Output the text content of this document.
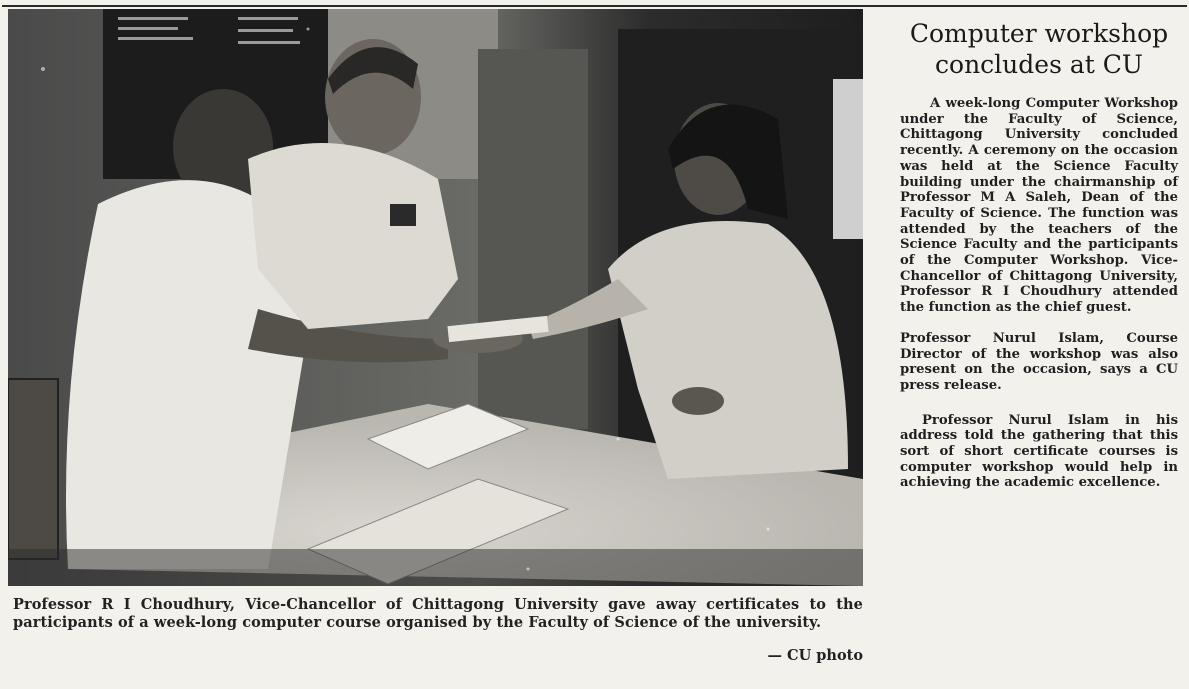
Professor R I Choudhury, Vice-Chancellor of Chittagong University gave away certificates to the participants of a week-long computer course organised by the Faculty of Science of the university.
— CU photo
Computer workshop concludes at CU

A week-long Computer Workshop under the Faculty of Science, Chittagong University concluded recently. A ceremony on the occasion was held at the Science Faculty building under the chairmanship of Professor M A Saleh, Dean of the Faculty of Science. The function was attended by the teachers of the Science Faculty and the participants of the Computer Workshop. Vice-Chancellor of Chittagong University, Professor R I Choudhury attended the function as the chief guest.

Professor Nurul Islam, Course Director of the workshop was also present on the occasion, says a CU press release.

Professor Nurul Islam in his address told the gathering that this sort of short certificate courses is computer workshop would help in achieving the academic excellence.
